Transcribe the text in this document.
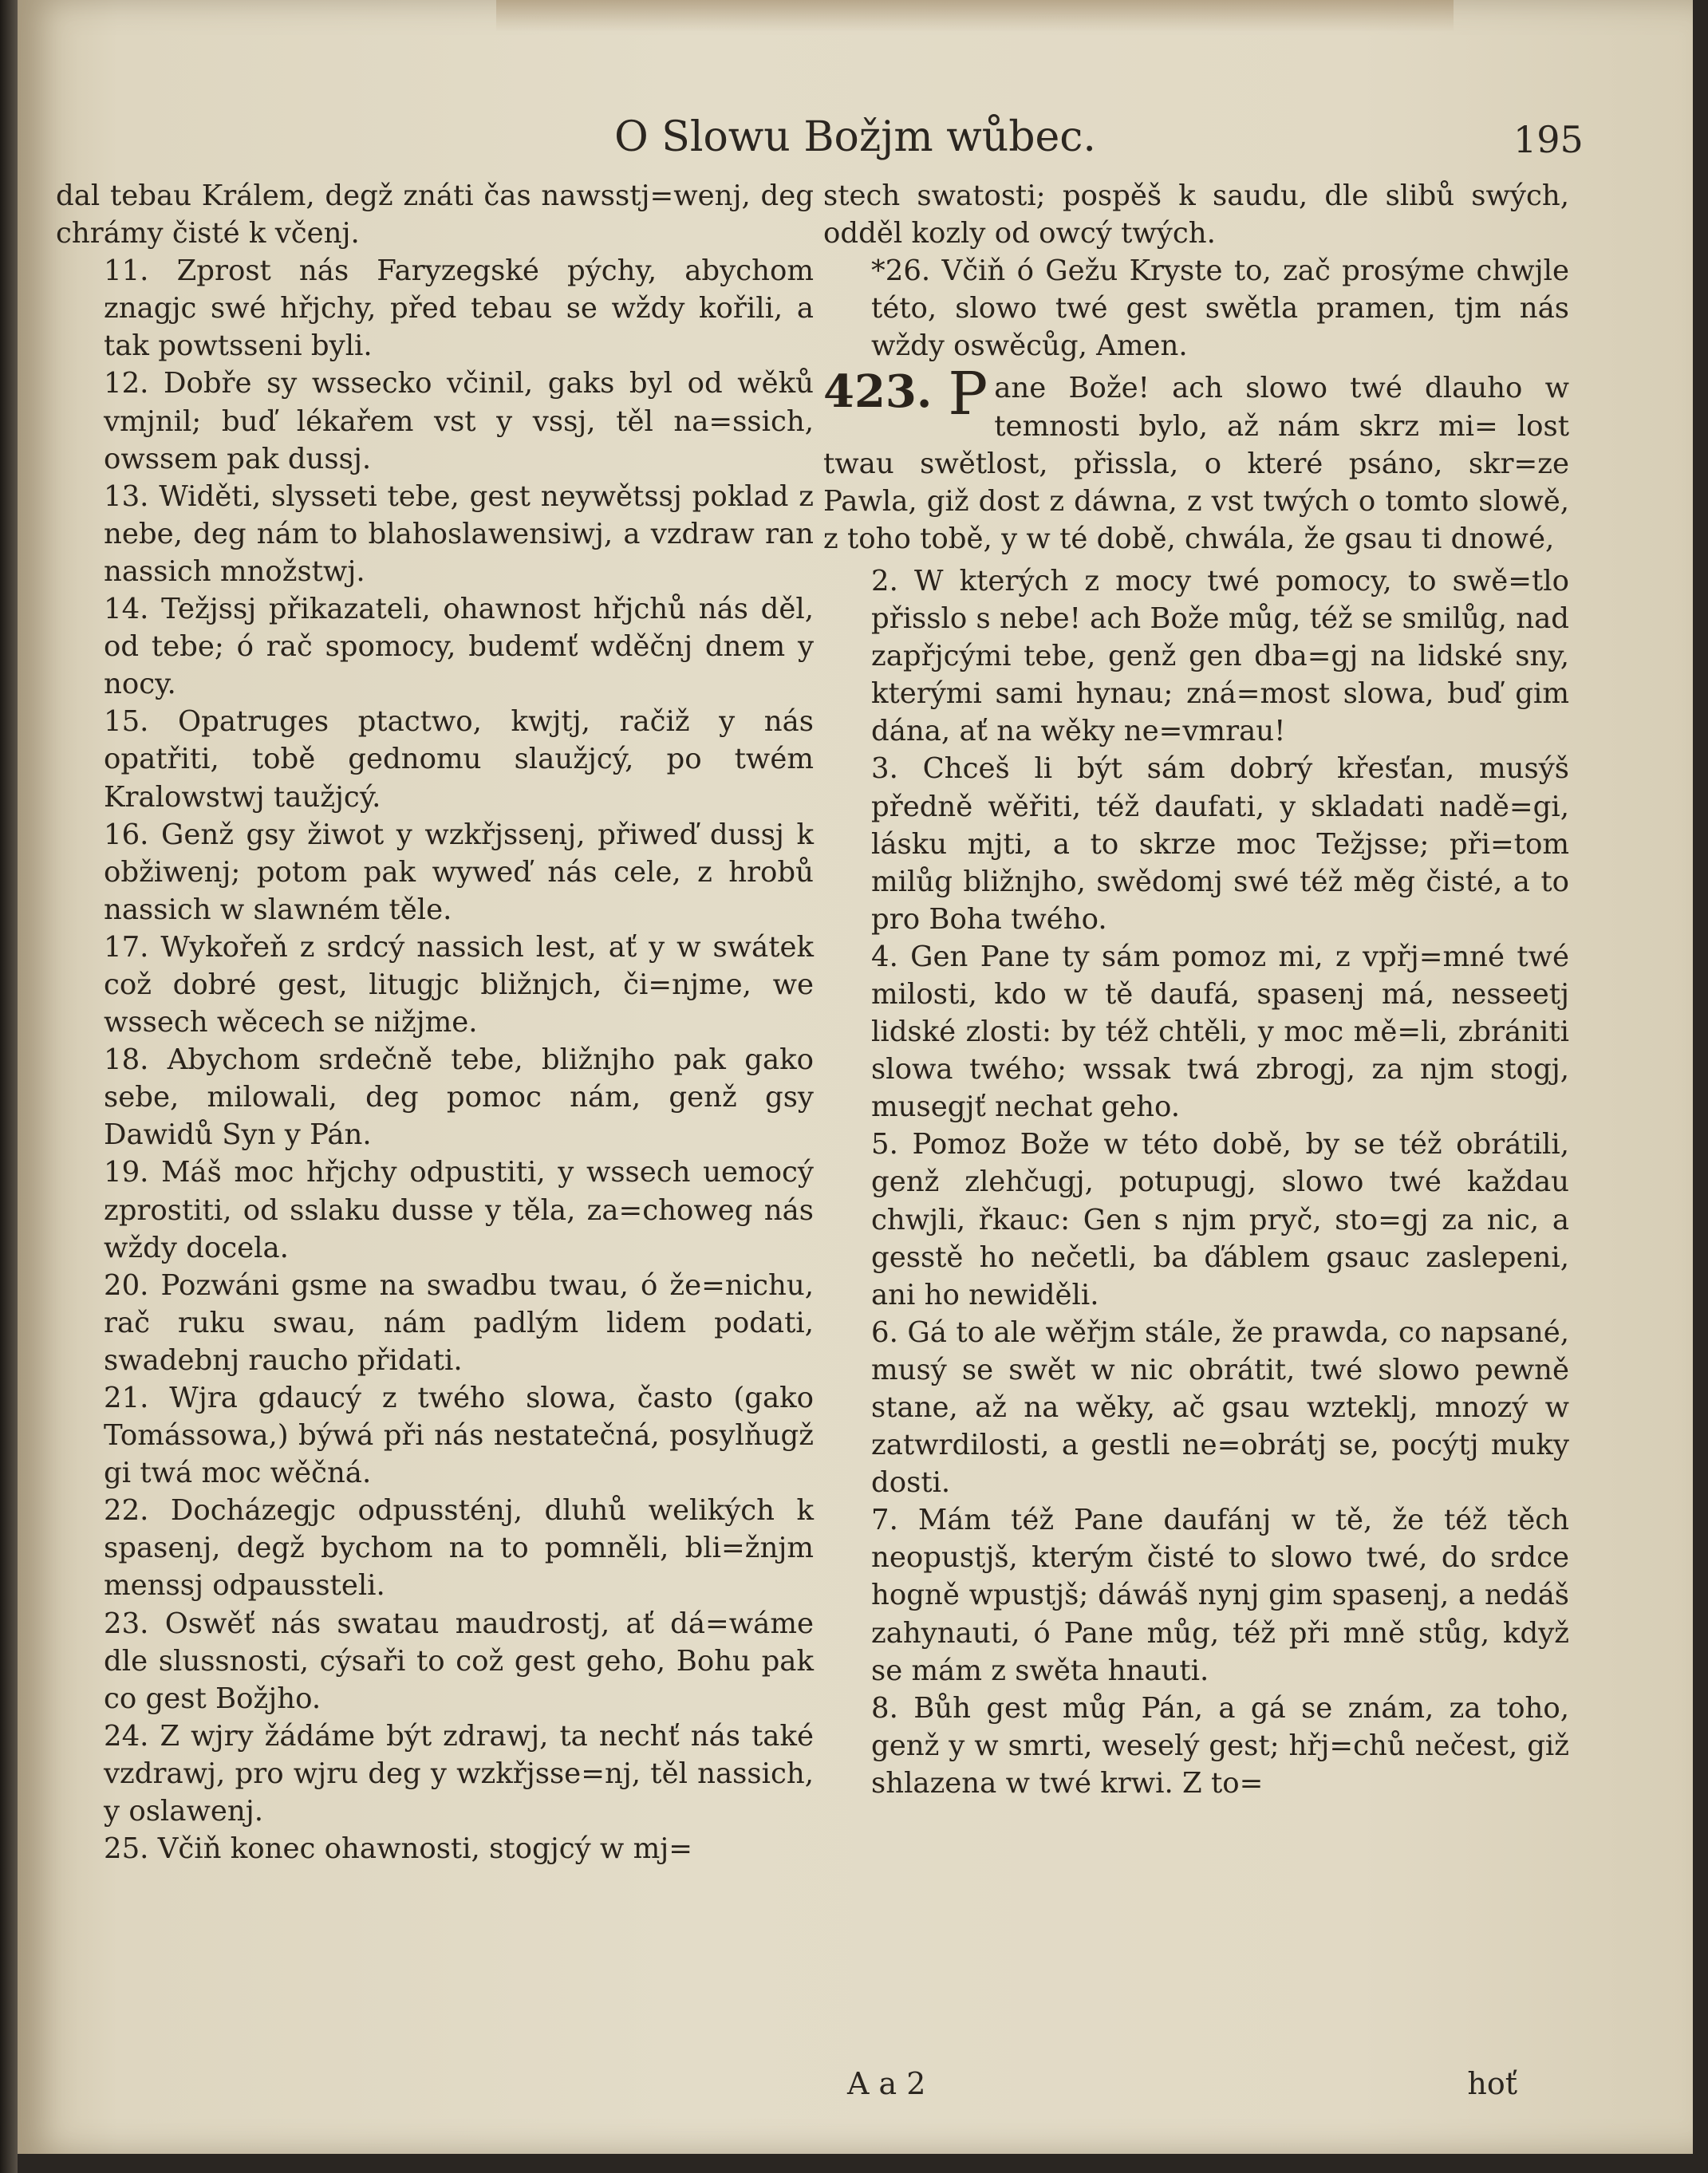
O Slowu Božjm wůbec.	195

dal tebau Králem, degž znáti čas nawsstj=wenj, deg chrámy čisté k včenj.

11. Zprost nás Faryzegské pýchy, abychom znagjc swé hřjchy, před tebau se wždy kořili, a tak powtsseni byli.

12. Dobře sy wssecko včinil, gaks byl od wěků vmjnil; buď lékařem vst y vssj, těl na=ssich, owssem pak dussj.

13. Widěti, slysseti tebe, gest neywětssj poklad z nebe, deg nám to blahoslawensiwj, a vzdraw ran nassich množstwj.

14. Težjssj přikazateli, ohawnost hřjchů nás děl, od tebe; ó rač spomocy, budemť wděčnj dnem y nocy.

15. Opatruges ptactwo, kwjtj, račiž y nás opatřiti, tobě gednomu slaužjcý, po twém Kralowstwj taužjcý.

16. Genž gsy žiwot y wzkřjssenj, přiweď dussj k obžiwenj; potom pak wyweď nás cele, z hrobů nassich w slawném těle.

17. Wykořeň z srdcý nassich lest, ať y w swátek což dobré gest, litugjc bližnjch, či=njme, we wssech wěcech se nižjme.

18. Abychom srdečně tebe, bližnjho pak gako sebe, milowali, deg pomoc nám, genž gsy Dawidů Syn y Pán.

19. Máš moc hřjchy odpustiti, y wssech uemocý zprostiti, od sslaku dusse y těla, za=choweg nás wždy docela.

20. Pozwáni gsme na swadbu twau, ó že=nichu, rač ruku swau, nám padlým lidem podati, swadebnj raucho přidati.

21. Wjra gdaucý z twého slowa, často (gako Tomássowa,) býwá při nás nestatečná, posylňugž gi twá moc wěčná.

22. Docházegjc odpussténj, dluhů welikých k spasenj, degž bychom na to pomněli, bli=žnjm menssj odpaussteli.

23. Oswěť nás swatau maudrostj, ať dá=wáme dle slussnosti, cýsaři to což gest geho, Bohu pak co gest Božjho.

24. Z wjry žádáme být zdrawj, ta nechť nás také vzdrawj, pro wjru deg y wzkřjsse=nj, těl nassich, y oslawenj.

25. Včiň konec ohawnosti, stogjcý w mj=

stech swatosti; pospěš k saudu, dle slibů swých, odděl kozly od owcý twých.

*26. Včiň ó Gežu Kryste to, zač prosýme chwjle této, slowo twé gest swětla pramen, tjm nás wždy oswěcůg, Amen.

423. P ane Bože! ach slowo twé dlauho w temnosti bylo, až nám skrz mi= lost twau swětlost, přissla, o které psáno, skr=ze Pawla, giž dost z dáwna, z vst twých o tomto slowě, z toho tobě, y w té době, chwála, že gsau ti dnowé,

2. W kterých z mocy twé pomocy, to swě=tlo přisslo s nebe! ach Bože můg, též se smilůg, nad zapřjcými tebe, genž gen dba=gj na lidské sny, kterými sami hynau; zná=most slowa, buď gim dána, ať na wěky ne=vmrau!

3. Chceš li být sám dobrý křesťan, musýš předně wěřiti, též daufati, y skladati nadě=gi, lásku mjti, a to skrze moc Težjsse; při=tom milůg bližnjho, swědomj swé též měg čisté, a to pro Boha twého.

4. Gen Pane ty sám pomoz mi, z vpřj=mné twé milosti, kdo w tě daufá, spasenj má, nesseetj lidské zlosti: by též chtěli, y moc mě=li, zbrániti slowa twého; wssak twá zbrogj, za njm stogj, musegjť nechat geho.

5. Pomoz Bože w této době, by se též obrátili, genž zlehčugj, potupugj, slowo twé každau chwjli, řkauc: Gen s njm pryč, sto=gj za nic, a gesstě ho nečetli, ba ďáblem gsauc zaslepeni, ani ho newiděli.

6. Gá to ale wěřjm stále, že prawda, co napsané, musý se swět w nic obrátit, twé slowo pewně stane, až na wěky, ač gsau wzteklj, mnozý w zatwrdilosti, a gestli ne=obrátj se, pocýtj muky dosti.

7. Mám též Pane daufánj w tě, že též těch neopustjš, kterým čisté to slowo twé, do srdce hogně wpustjš; dáwáš nynj gim spasenj, a nedáš zahynauti, ó Pane můg, též při mně stůg, když se mám z swěta hnauti.

8. Bůh gest můg Pán, a gá se znám, za toho, genž y w smrti, weselý gest; hřj=chů nečest, giž shlazena w twé krwi. Z to=

A a 2	hoť
